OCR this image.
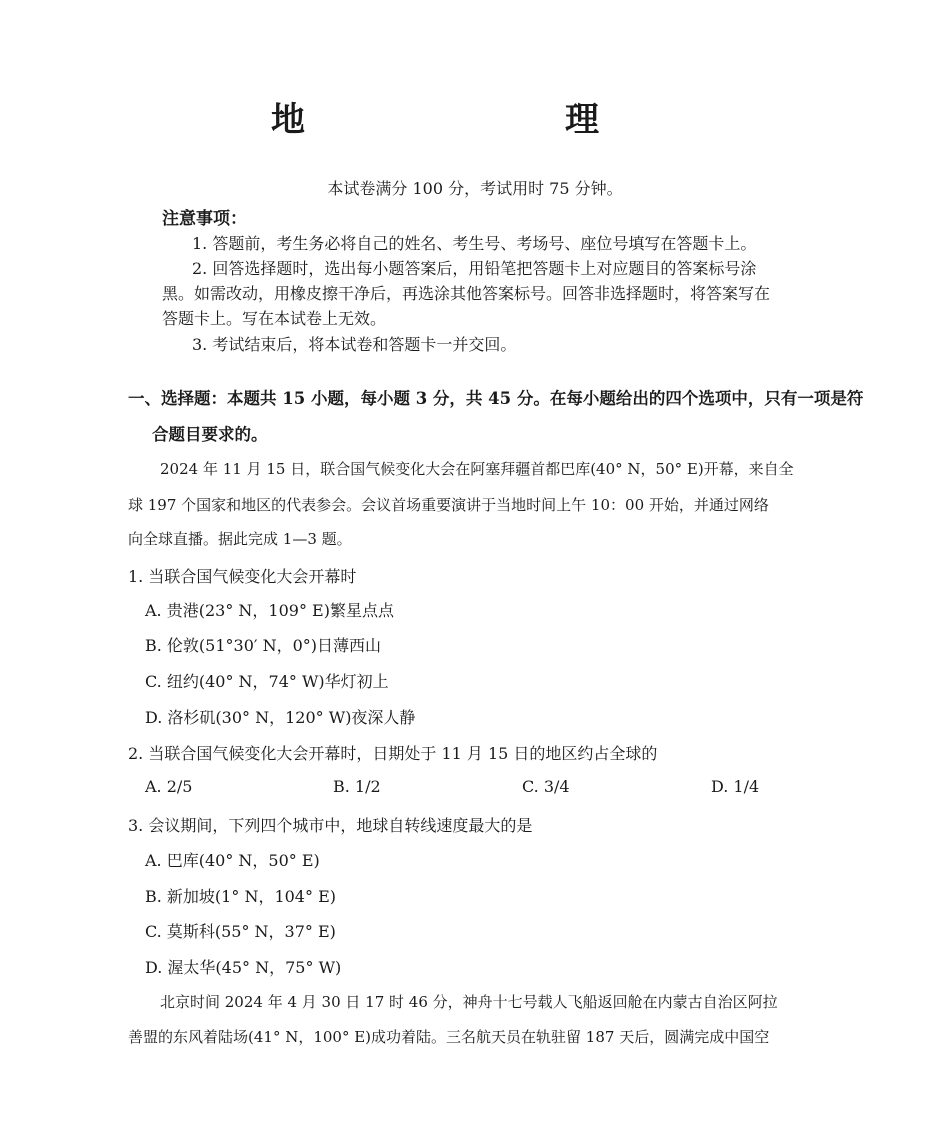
地　　理
本试卷满分 100 分，考试用时 75 分钟。
注意事项：
1. 答题前，考生务必将自己的姓名、考生号、考场号、座位号填写在答题卡上。
2. 回答选择题时，选出每小题答案后，用铅笔把答题卡上对应题目的答案标号涂
黑。如需改动，用橡皮擦干净后，再选涂其他答案标号。回答非选择题时，将答案写在
答题卡上。写在本试卷上无效。
3. 考试结束后，将本试卷和答题卡一并交回。
一、选择题：本题共 15 小题，每小题 3 分，共 45 分。在每小题给出的四个选项中，只有一项是符
合题目要求的。
2024 年 11 月 15 日，联合国气候变化大会在阿塞拜疆首都巴库(40° N，50° E)开幕，来自全
球 197 个国家和地区的代表参会。会议首场重要演讲于当地时间上午 10：00 开始，并通过网络
向全球直播。据此完成 1—3 题。
1. 当联合国气候变化大会开幕时
A. 贵港(23° N，109° E)繁星点点
B. 伦敦(51°30′ N，0°)日薄西山
C. 纽约(40° N，74° W)华灯初上
D. 洛杉矶(30° N，120° W)夜深人静
2. 当联合国气候变化大会开幕时，日期处于 11 月 15 日的地区约占全球的
A. 2/5	B. 1/2	C. 3/4	D. 1/4
3. 会议期间，下列四个城市中，地球自转线速度最大的是
A. 巴库(40° N，50° E)
B. 新加坡(1° N，104° E)
C. 莫斯科(55° N，37° E)
D. 渥太华(45° N，75° W)
北京时间 2024 年 4 月 30 日 17 时 46 分，神舟十七号载人飞船返回舱在内蒙古自治区阿拉
善盟的东风着陆场(41° N，100° E)成功着陆。三名航天员在轨驻留 187 天后，圆满完成中国空
